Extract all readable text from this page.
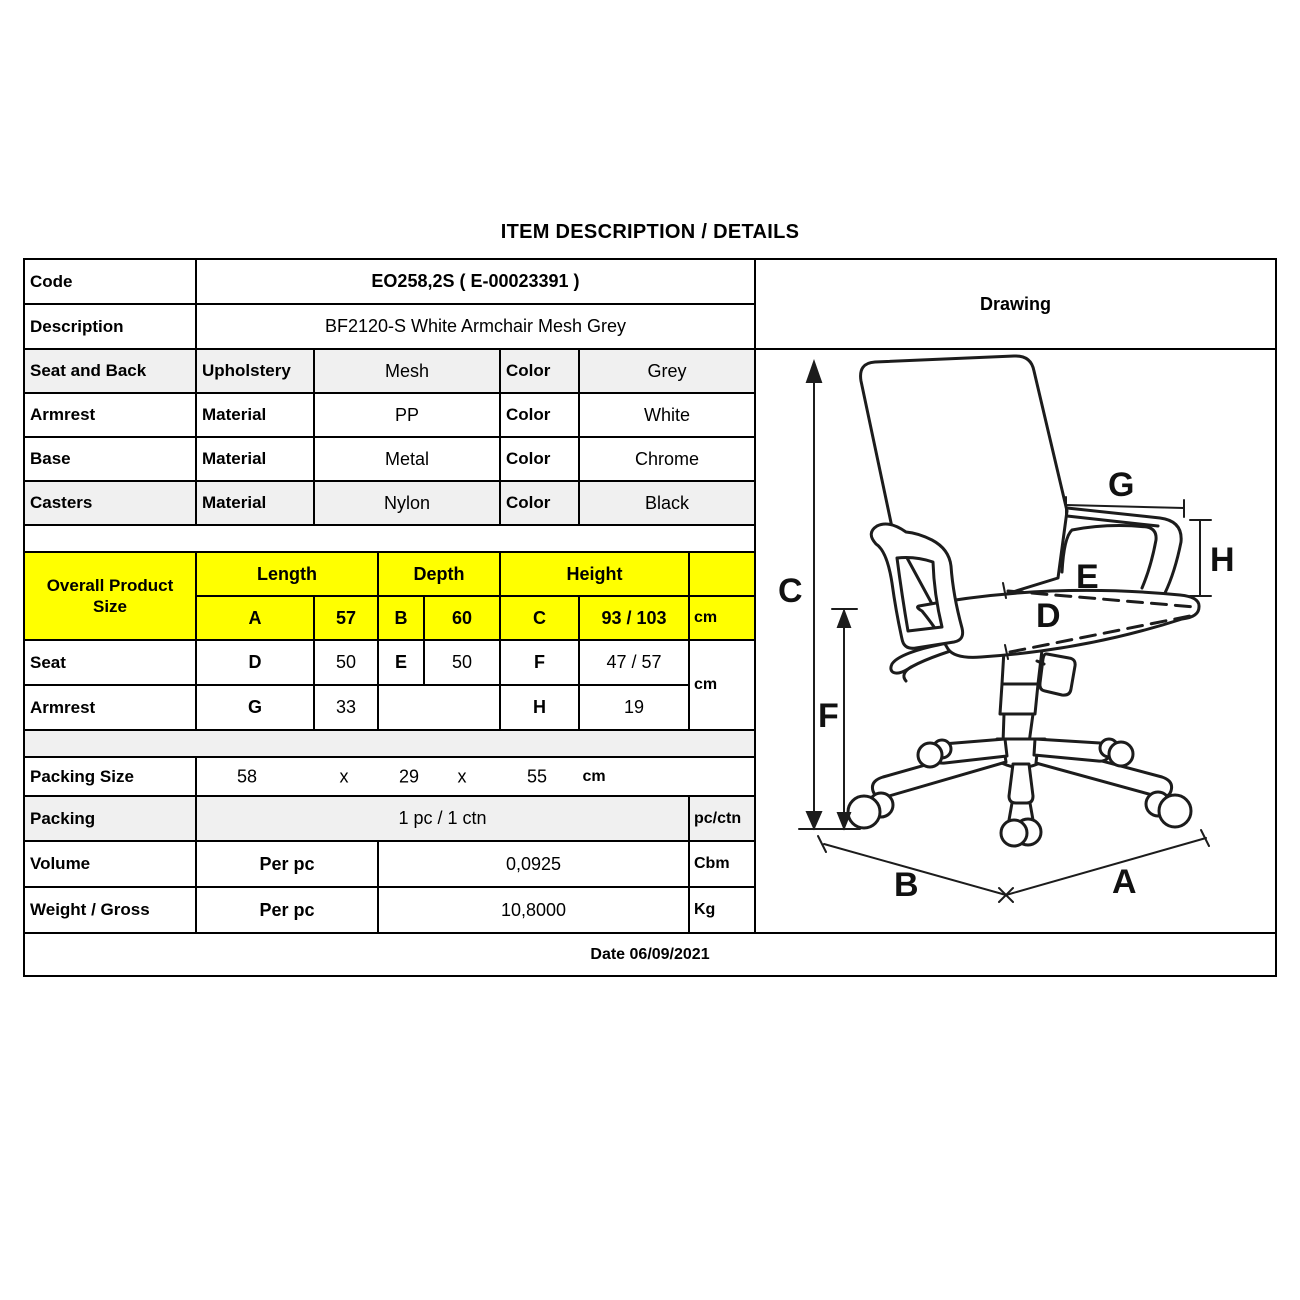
ITEM DESCRIPTION / DETAILS
Code	EO258,2S ( E-00023391 )
Drawing
Description	BF2120-S White Armchair Mesh Grey
Seat and Back	Upholstery	Mesh	Color	Grey
Armrest	Material	PP	Color	White
Base	Material	Metal	Color	Chrome
Casters	Material	Nylon	Color	Black
Overall Product
Size
Length	Depth	Height
A	57	B	60	C	93 / 103	cm
Seat	D	50	E	50	F	47 / 57
cm
Armrest	G	33	H	19
Packing Size	58	x	29 x	55 cm
Packing	1 pc / 1 ctn	pc/ctn
Volume	Per pc	0,0925	Cbm
Weight / Gross	Per pc	10,8000	Kg
C
F
G
H
E
D
B	A
Date 06/09/2021
